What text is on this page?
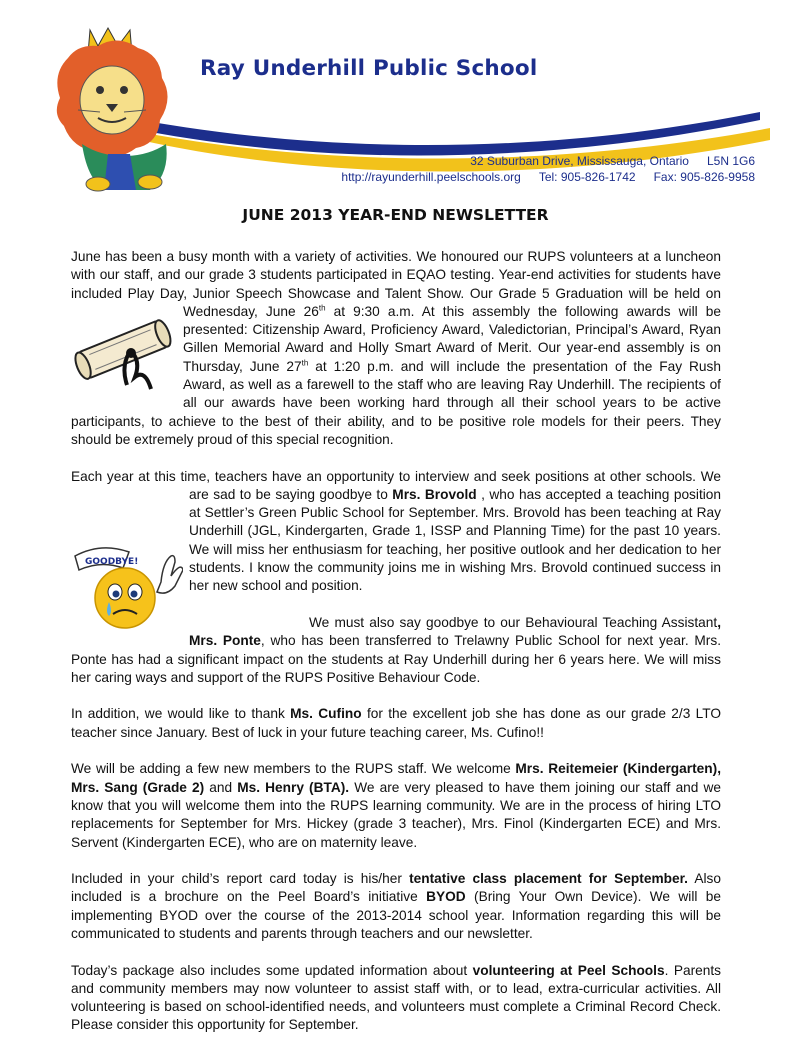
Ray Underhill Public School
32 Suburban Drive, Mississauga, Ontario L5N 1G6
http://rayunderhill.peelschools.org Tel: 905-826-1742 Fax: 905-826-9958
JUNE 2013 YEAR-END NEWSLETTER

June has been a busy month with a variety of activities. We honoured our RUPS volunteers at a luncheon with our staff, and our grade 3 students participated in EQAO testing. Year-end activities for students have included Play Day, Junior Speech Showcase and Talent Show. Our Grade 5 Graduation will be held on Wednesday, June 26th
at 9:30 a.m. At this assembly the following awards will be presented: Citizenship Award, Proficiency Award, Valedictorian, Principal’s Award, Ryan Gillen Memorial Award and Holly Smart Award of Merit. Our year-end assembly is on Thursday, June 27th at 1:20 p.m. and will include the presentation of the Fay Rush Award, as well as a farewell to the staff who are leaving Ray Underhill. The recipients of all our awards have been working hard through all their school years to be active participants, to achieve to the best of their ability, and to be positive role models for their peers. They should be extremely proud of this special recognition.

Each year at this time, teachers have an opportunity to interview and seek positions at other schools. We are sad to be saying goodbye to Mrs. Brovold
GOODBYE!
, who has accepted a teaching position at Settler’s Green Public School for September. Mrs. Brovold has been teaching at Ray Underhill (JGL, Kindergarten, Grade 1, ISSP and Planning Time) for the past 10 years. We will miss her enthusiasm for teaching, her positive outlook and her dedication to her students. I know the community joins me in wishing Mrs. Brovold continued success in her new school and position.

We must also say goodbye to our Behavioural Teaching Assistant, Mrs. Ponte, who has been transferred to Trelawny Public School for next year. Mrs. Ponte has had a significant impact on the students at Ray Underhill during her 6 years here. We will miss her caring ways and support of the RUPS Positive Behaviour Code.

In addition, we would like to thank Ms. Cufino for the excellent job she has done as our grade 2/3 LTO teacher since January. Best of luck in your future teaching career, Ms. Cufino!!

We will be adding a few new members to the RUPS staff. We welcome Mrs. Reitemeier (Kindergarten), Mrs. Sang (Grade 2) and Ms. Henry (BTA). We are very pleased to have them joining our staff and we know that you will welcome them into the RUPS learning community. We are in the process of hiring LTO replacements for September for Mrs. Hickey (grade 3 teacher), Mrs. Finol (Kindergarten ECE) and Mrs. Servent (Kindergarten ECE), who are on maternity leave.

Included in your child’s report card today is his/her tentative class placement for September. Also included is a brochure on the Peel Board’s initiative BYOD (Bring Your Own Device). We will be implementing BYOD over the course of the 2013-2014 school year. Information regarding this will be communicated to students and parents through teachers and our newsletter.

Today’s package also includes some updated information about volunteering at Peel Schools. Parents and community members may now volunteer to assist staff with, or to lead, extra-curricular activities. All volunteering is based on school-identified needs, and volunteers must complete a Criminal Record Check. Please consider this opportunity for September.
